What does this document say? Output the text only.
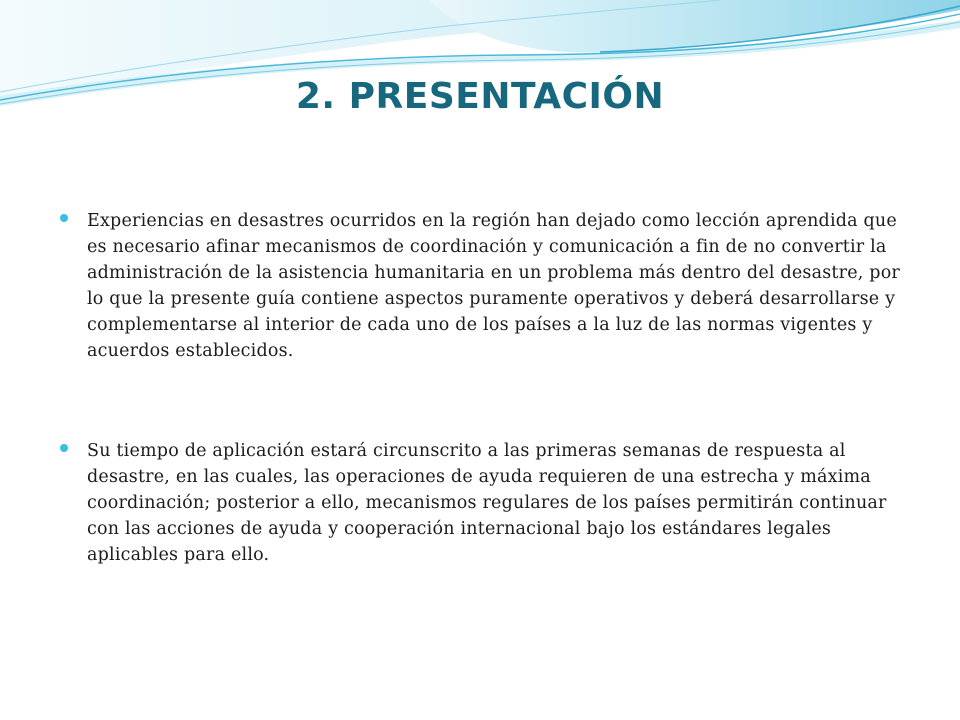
2. PRESENTACIÓN
Experiencias en desastres ocurridos en la región han dejado como lección aprendida que es necesario afinar mecanismos de coordinación y comunicación a fin de no convertir la administración de la asistencia humanitaria en un problema más dentro del desastre, por lo que la presente guía contiene aspectos puramente operativos y deberá desarrollarse y complementarse al interior de cada uno de los países a la luz de las normas vigentes y acuerdos establecidos.
Su tiempo de aplicación estará circunscrito a las primeras semanas de respuesta al desastre, en las cuales, las operaciones de ayuda requieren de una estrecha y máxima coordinación; posterior a ello, mecanismos regulares de los países permitirán continuar con las acciones de ayuda y cooperación internacional bajo los estándares legales aplicables para ello.
